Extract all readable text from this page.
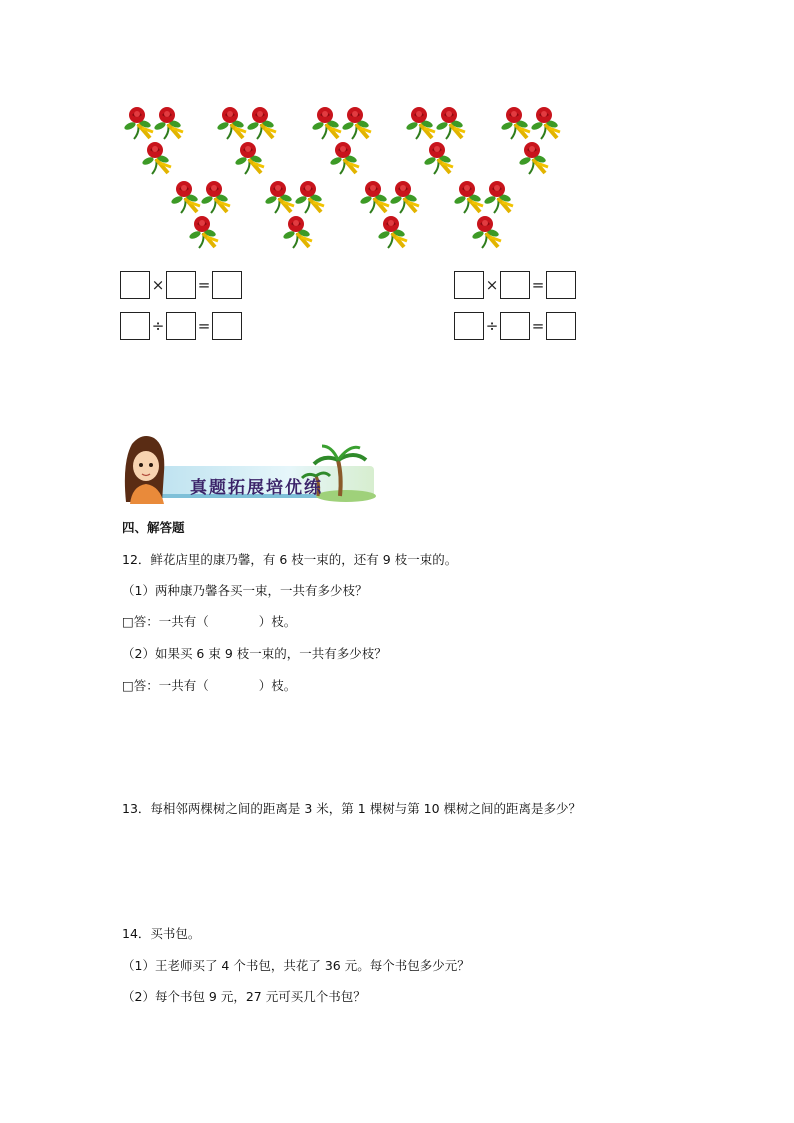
× =
÷ =
× =
÷ =
真题拓展培优练
四、解答题
12．鲜花店里的康乃馨，有 6 枝一束的，还有 9 枝一束的。
（1）两种康乃馨各买一束，一共有多少枝？
□答：一共有（　　　　）枝。
（2）如果买 6 束 9 枝一束的，一共有多少枝？
□答：一共有（　　　　）枝。
13．每相邻两棵树之间的距离是 3 米，第 1 棵树与第 10 棵树之间的距离是多少？
14．买书包。
（1）王老师买了 4 个书包，共花了 36 元。每个书包多少元？
（2）每个书包 9 元，27 元可买几个书包？
